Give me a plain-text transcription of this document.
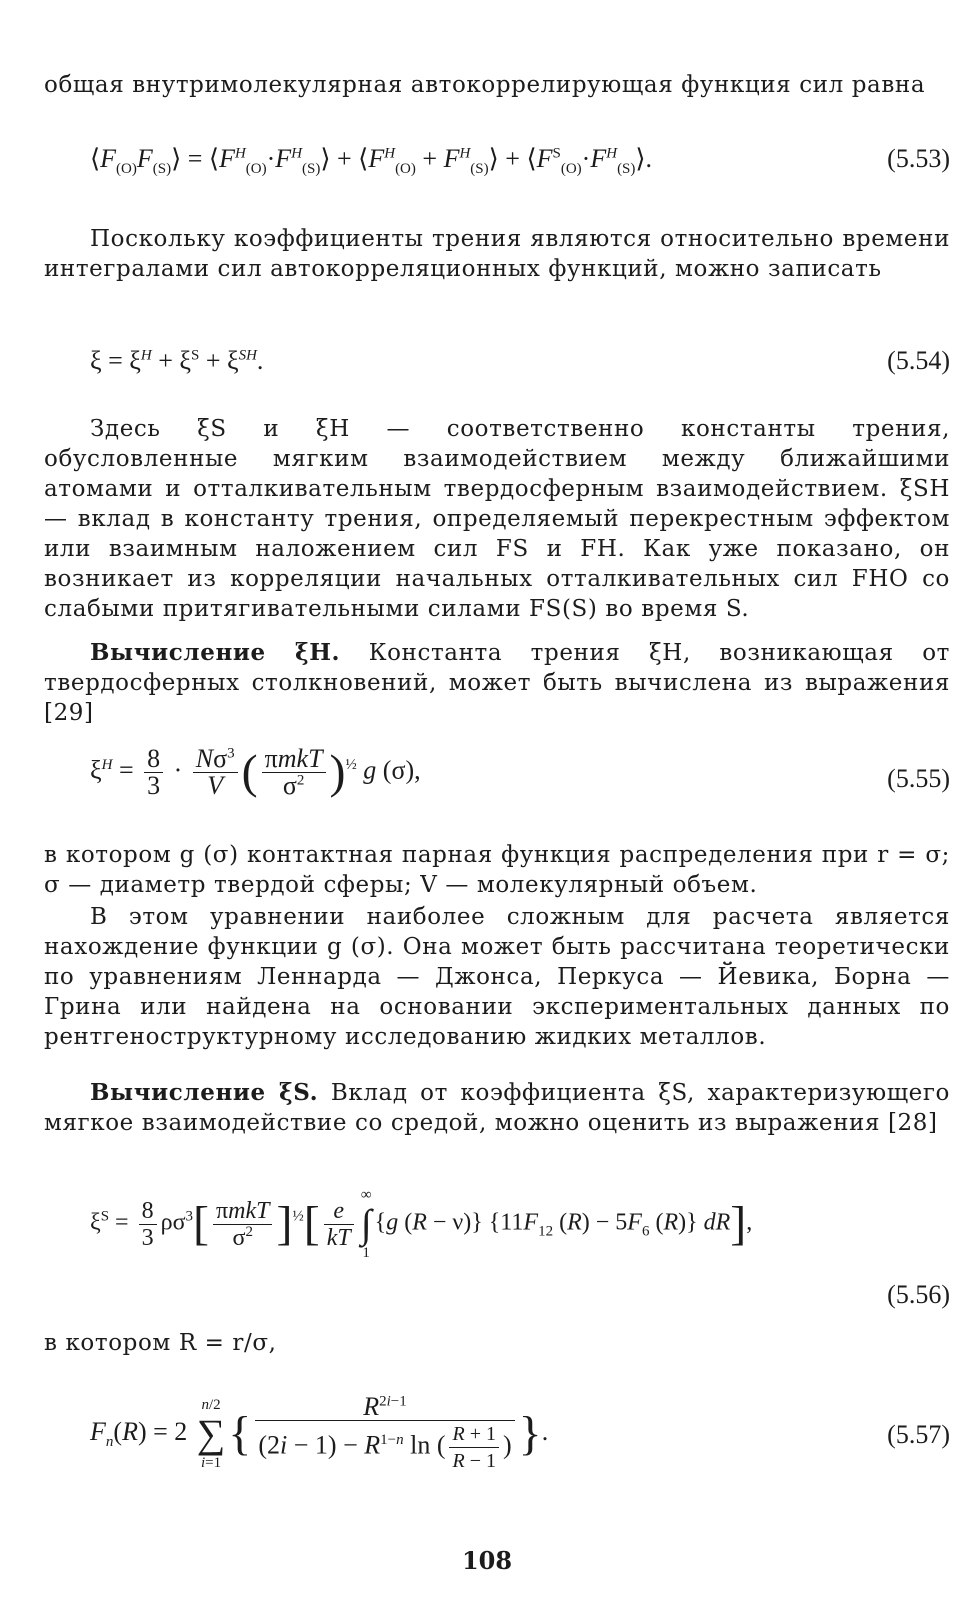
общая внутримолекулярная автокоррелирующая функция сил равна

$⟨F_{(O)}F_{(S)}⟩$ = $⟨F^H_{(O)}\cdot F^H_{(S)}⟩$ + $⟨F^H_{(O)}$ + $F^H_{(S)}⟩$ + $⟨F^S_{(O)}\cdot F^H_{(S)}⟩$.	(5.53)

Поскольку коэффициенты трения являются относительно времени интегралами сил автокорреляционных функций, можно записать

$\xi = \xi^H + \xi^S + \xi^{SH}$.	(5.54)

Здесь ξS и ξH — соответственно константы трения, обусловленные мягким взаимодействием между ближайшими атомами и отталкивательным твердосферным взаимодействием. ξSH — вклад в константу трения, определяемый перекрестным эффектом или взаимным наложением сил FS и FH. Как уже показано, он возникает из корреляции начальных отталкивательных сил FHO со слабыми притягивательными силами FS(S) во время S.

Вычисление ξH. Константа трения ξH, возникающая от твердосферных столкновений, может быть вычислена из выражения [29]

$\xi^H = \frac{8}{3} \cdot \frac{N\sigma^3}{V}$ ( $\frac{\text{πmkT}}{\sigma^2} )^{\frac{1}{2}}$ g (σ),	(5.55)

в котором g (σ) контактная парная функция распределения при r = σ; σ — диаметр твердой сферы; V — молекулярный объем.

В этом уравнении наиболее сложным для расчета является нахождение функции g (σ). Она может быть рассчитана теоретически по уравнениям Леннарда — Джонса, Перкуса — Йевика, Борна — Грина или найдена на основании экспериментальных данных по рентгеноструктурному исследованию жидких металлов.

Вычисление ξS. Вклад от коэффициента ξS, характеризующего мягкое взаимодействие со средой, можно оценить из выражения [28]

$\xi^S = \frac{8}{3} \rho\sigma^3[ \frac{\text{πmkT}}{\sigma^2} ]^{\frac{1}{2}}[ \frac{e}{kT}$
∞
∫
1
{g (R − ν)} {$11F_{12}$ $(R) - 5F_6$ (R)} dR],
(5.56)

в котором R = r/σ,

$F_n(R) = 2$
n/2
∑
i=1
{ $\frac{R^{2i-1}}{(2i - 1) - R^{1-n} \ln ( \frac{R + 1}{R - 1} )}$ }.	(5.57)
108
